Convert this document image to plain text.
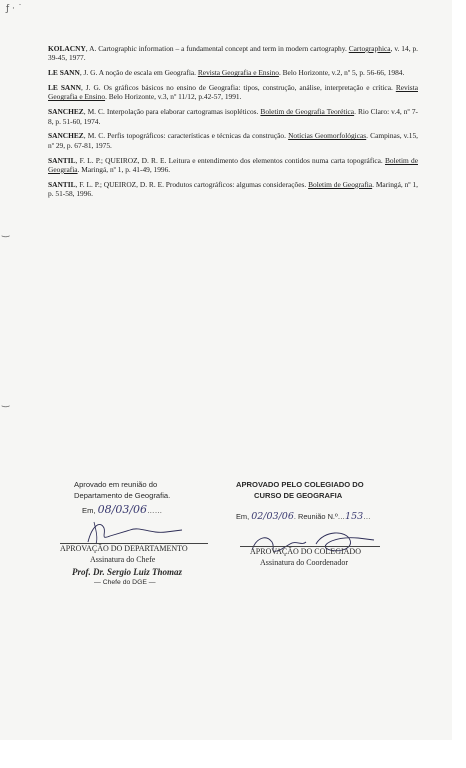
ƒ · ˙
‿
‿

KOLACNY, A. Cartographic information – a fundamental concept and term in modern cartography. Cartographica, v. 14, p. 39-45, 1977.

LE SANN, J. G. A noção de escala em Geografia. Revista Geografia e Ensino. Belo Horizonte, v.2, nº 5, p. 56-66, 1984.

LE SANN, J. G. Os gráficos básicos no ensino de Geografia: tipos, construção, análise, interpretação e crítica. Revista Geografia e Ensino. Belo Horizonte, v.3, nº 11/12, p.42-57, 1991.

SANCHEZ, M. C. Interpolação para elaborar cartogramas isopléticos. Boletim de Geografia Teorética. Rio Claro: v.4, nº 7-8, p. 51-60, 1974.

SANCHEZ, M. C. Perfis topográficos: características e técnicas da construção. Notícias Geomorfológicas. Campinas, v.15, nº 29, p. 67-81, 1975.

SANTIL, F. L. P.; QUEIROZ, D. R. E. Leitura e entendimento dos elementos contidos numa carta topográfica. Boletim de Geografia. Maringá, nº 1, p. 41-49, 1996.

SANTIL, F. L. P.; QUEIROZ, D. R. E. Produtos cartográficos: algumas considerações. Boletim de Geografia. Maringá, nº 1, p. 51-58, 1996.

Aprovado em reunião do
Departamento de Geografia.
Em, 08/03/06……
APROVAÇÃO DO DEPARTAMENTO
Assinatura do Chefe
Prof. Dr. Sergio Luiz Thomaz
— Chefe do DGE —
APROVADO PELO COLEGIADO DO
CURSO DE GEOGRAFIA
Em, 02/03/06. Reunião N.º…153…
APROVAÇÃO DO COLEGIADO
Assinatura do Coordenador
